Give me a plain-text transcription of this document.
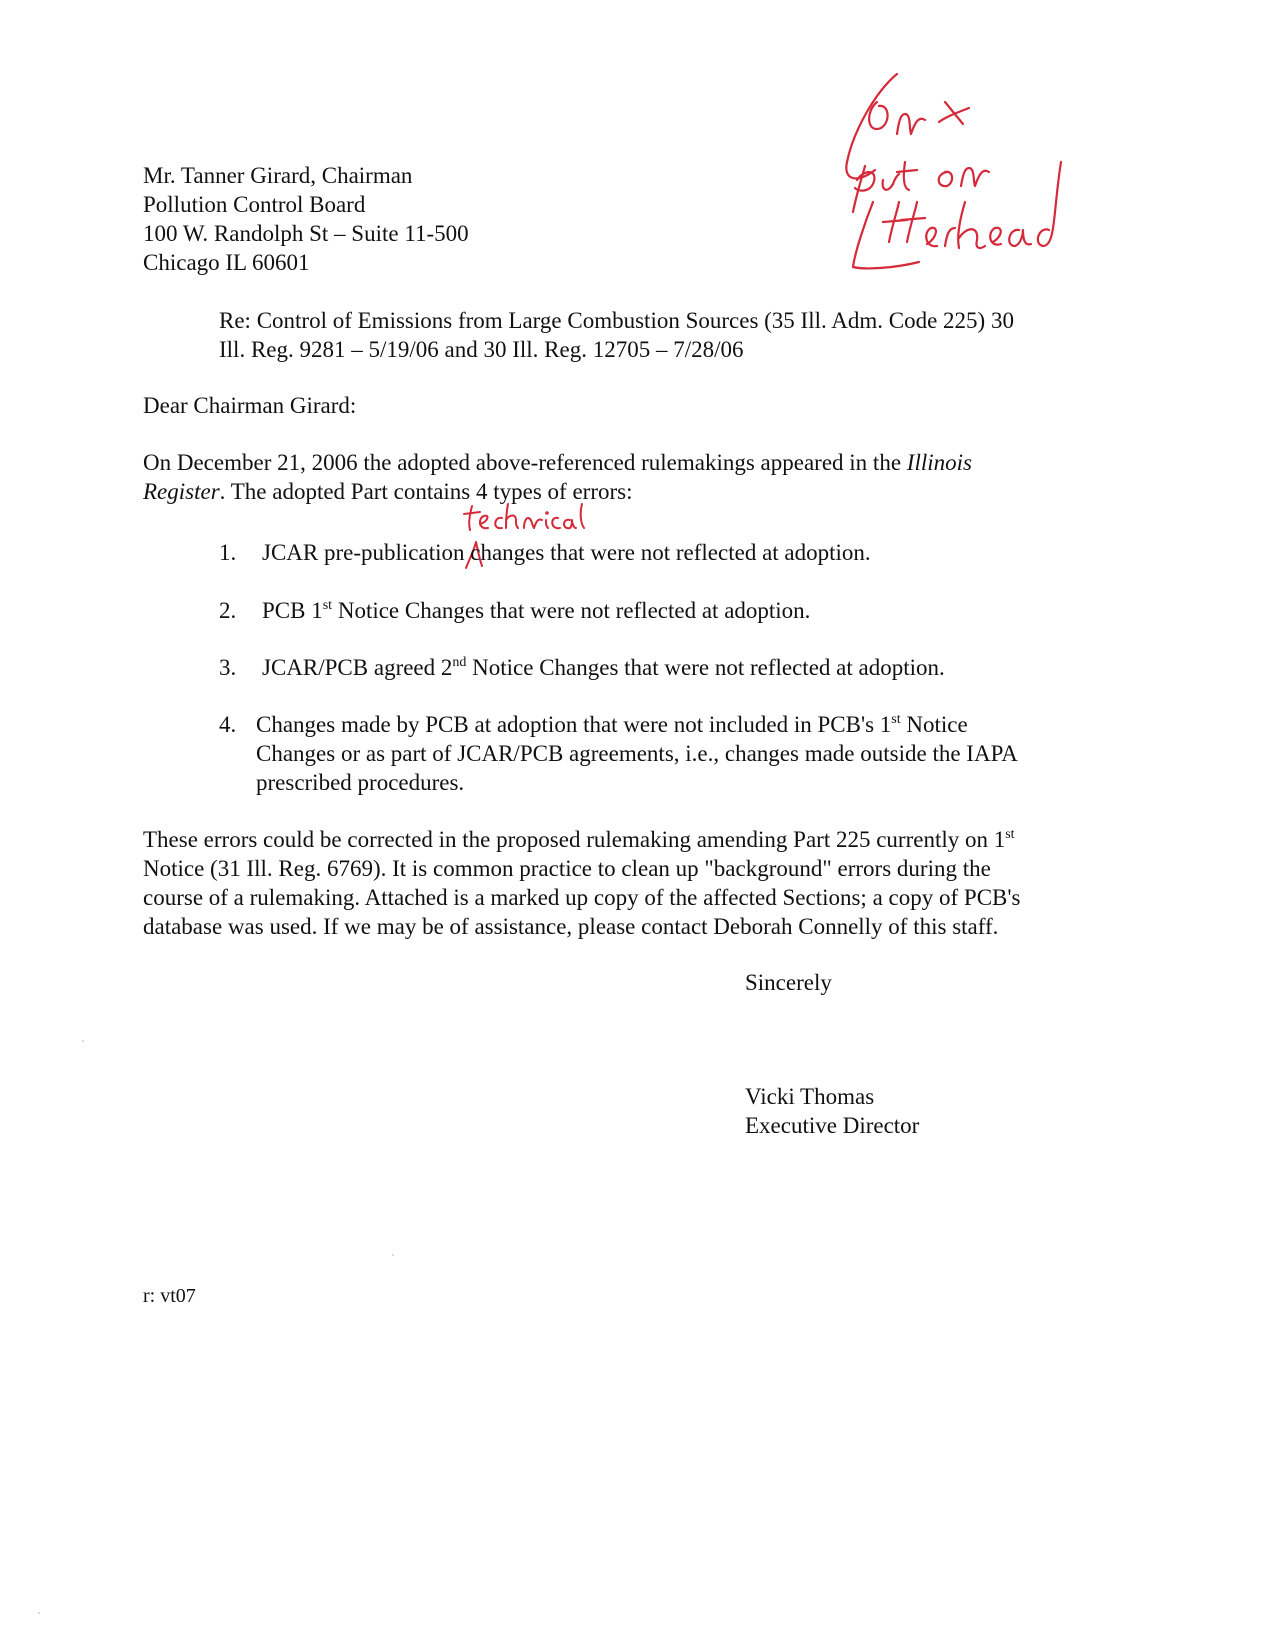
Mr. Tanner Girard, Chairman
Pollution Control Board
100 W. Randolph St – Suite 11-500
Chicago IL 60601
Re: Control of Emissions from Large Combustion Sources (35 Ill. Adm. Code 225) 30
Ill. Reg. 9281 – 5/19/06 and 30 Ill. Reg. 12705 – 7/28/06
Dear Chairman Girard:
On December 21, 2006 the adopted above-referenced rulemakings appeared in the Illinois
Register. The adopted Part contains 4 types of errors:
1.	JCAR pre-publication changes that were not reflected at adoption.
2.	PCB 1st Notice Changes that were not reflected at adoption.
3.	JCAR/PCB agreed 2nd Notice Changes that were not reflected at adoption.
4. Changes made by PCB at adoption that were not included in PCB's 1st Notice
Changes or as part of JCAR/PCB agreements, i.e., changes made outside the IAPA
prescribed procedures.
These errors could be corrected in the proposed rulemaking amending Part 225 currently on 1st
Notice (31 Ill. Reg. 6769). It is common practice to clean up "background" errors during the
course of a rulemaking. Attached is a marked up copy of the affected Sections; a copy of PCB's
database was used. If we may be of assistance, please contact Deborah Connelly of this staff.
Sincerely
Vicki Thomas
Executive Director
r: vt07
